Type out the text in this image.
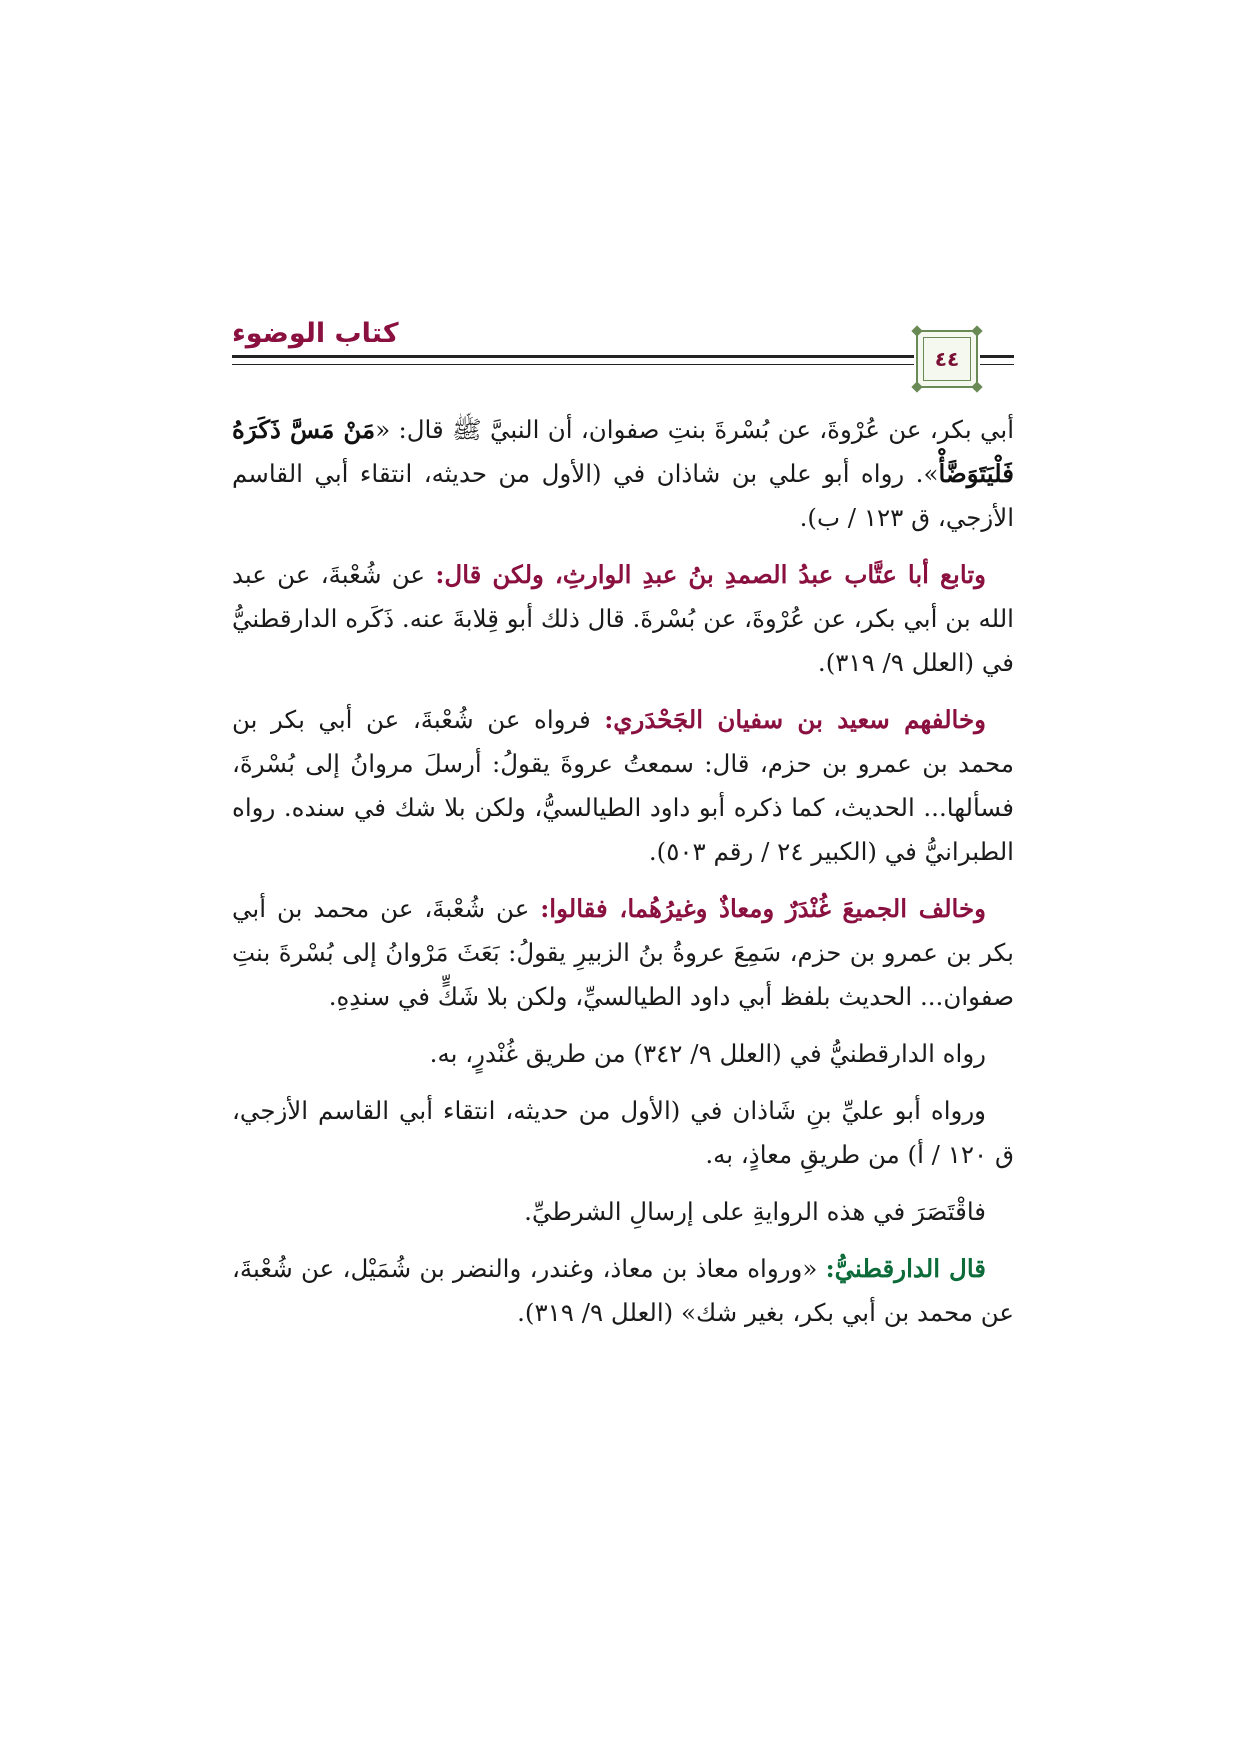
كتاب الوضوء
٤٤

أبي بكر، عن عُرْوةَ، عن بُسْرةَ بنتِ صفوان، أن النبيَّ ﷺ قال: «مَنْ مَسَّ ذَكَرَهُ فَلْيَتَوَضَّأْ». رواه أبو علي بن شاذان في (الأول من حديثه، انتقاء أبي القاسم الأزجي، ق ١٢٣ / ب).

وتابع أبا عتَّاب عبدُ الصمدِ بنُ عبدِ الوارثِ، ولكن قال: عن شُعْبةَ، عن عبد الله بن أبي بكر، عن عُرْوةَ، عن بُسْرةَ. قال ذلك أبو قِلابةَ عنه. ذَكَره الدارقطنيُّ في (العلل ٩/ ٣١٩).

وخالفهم سعيد بن سفيان الجَحْدَري: فرواه عن شُعْبةَ، عن أبي بكر بن محمد بن عمرو بن حزم، قال: سمعتُ عروةَ يقولُ: أرسلَ مروانُ إلى بُسْرةَ، فسألها... الحديث، كما ذكره أبو داود الطيالسيُّ، ولكن بلا شك في سنده. رواه الطبرانيُّ في (الكبير ٢٤ / رقم ٥٠٣).

وخالف الجميعَ غُنْدَرٌ ومعاذٌ وغيرُهُما، فقالوا: عن شُعْبةَ، عن محمد بن أبي بكر بن عمرو بن حزم، سَمِعَ عروةُ بنُ الزبيرِ يقولُ: بَعَثَ مَرْوانُ إلى بُسْرةَ بنتِ صفوان... الحديث بلفظ أبي داود الطيالسيِّ، ولكن بلا شَكٍّ في سندِهِ.

رواه الدارقطنيُّ في (العلل ٩/ ٣٤٢) من طريق غُنْدرٍ، به.

ورواه أبو عليِّ بنِ شَاذان في (الأول من حديثه، انتقاء أبي القاسم الأزجي، ق ١٢٠ / أ) من طريقِ معاذٍ، به.

فاقْتَصَرَ في هذه الروايةِ على إرسالِ الشرطيِّ.

قال الدارقطنيُّ: «ورواه معاذ بن معاذ، وغندر، والنضر بن شُمَيْل، عن شُعْبةَ، عن محمد بن أبي بكر، بغير شك» (العلل ٩/ ٣١٩).
